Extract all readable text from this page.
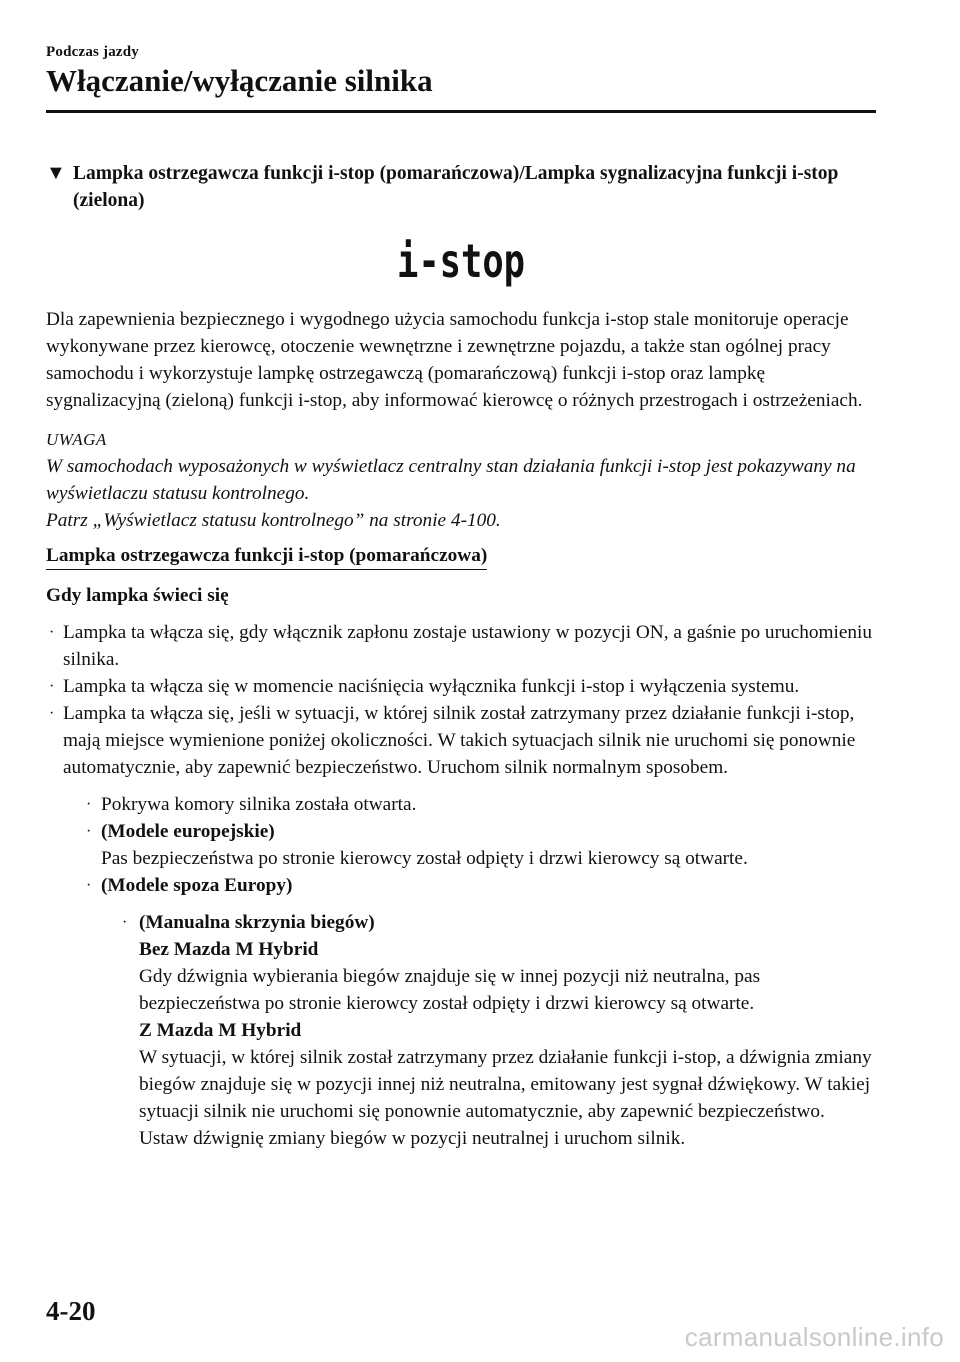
Podczas jazdy
Włączanie/wyłączanie silnika
▼ Lampka ostrzegawcza funkcji i-stop (pomarańczowa)/Lampka sygnalizacyjna funkcji i-stop (zielona)
i-stop

Dla zapewnienia bezpiecznego i wygodnego użycia samochodu funkcja i-stop stale monitoruje operacje wykonywane przez kierowcę, otoczenie wewnętrzne i zewnętrzne pojazdu, a także stan ogólnej pracy samochodu i wykorzystuje lampkę ostrzegawczą (pomarańczową) funkcji i-stop oraz lampkę sygnalizacyjną (zieloną) funkcji i-stop, aby informować kierowcę o różnych przestrogach i ostrzeżeniach.

UWAGA
W samochodach wyposażonych w wyświetlacz centralny stan działania funkcji i-stop jest pokazywany na wyświetlaczu statusu kontrolnego.
Patrz „Wyświetlacz statusu kontrolnego” na stronie 4-100.
Lampka ostrzegawcza funkcji i-stop (pomarańczowa)
Gdy lampka świeci się
· Lampka ta włącza się, gdy włącznik zapłonu zostaje ustawiony w pozycji ON, a gaśnie po uruchomieniu silnika.
· Lampka ta włącza się w momencie naciśnięcia wyłącznika funkcji i-stop i wyłączenia systemu.
· Lampka ta włącza się, jeśli w sytuacji, w której silnik został zatrzymany przez działanie funkcji i-stop, mają miejsce wymienione poniżej okoliczności. W takich sytuacjach silnik nie uruchomi się ponownie automatycznie, aby zapewnić bezpieczeństwo. Uruchom silnik normalnym sposobem.
· Pokrywa komory silnika została otwarta.
· (Modele europejskie)
Pas bezpieczeństwa po stronie kierowcy został odpięty i drzwi kierowcy są otwarte.
· (Modele spoza Europy)
· (Manualna skrzynia biegów)
Bez Mazda M Hybrid
Gdy dźwignia wybierania biegów znajduje się w innej pozycji niż neutralna, pas bezpieczeństwa po stronie kierowcy został odpięty i drzwi kierowcy są otwarte.
Z Mazda M Hybrid
W sytuacji, w której silnik został zatrzymany przez działanie funkcji i-stop, a dźwignia zmiany biegów znajduje się w pozycji innej niż neutralna, emitowany jest sygnał dźwiękowy. W takiej sytuacji silnik nie uruchomi się ponownie automatycznie, aby zapewnić bezpieczeństwo. Ustaw dźwignię zmiany biegów w pozycji neutralnej i uruchom silnik.
4-20
carmanualsonline.info
